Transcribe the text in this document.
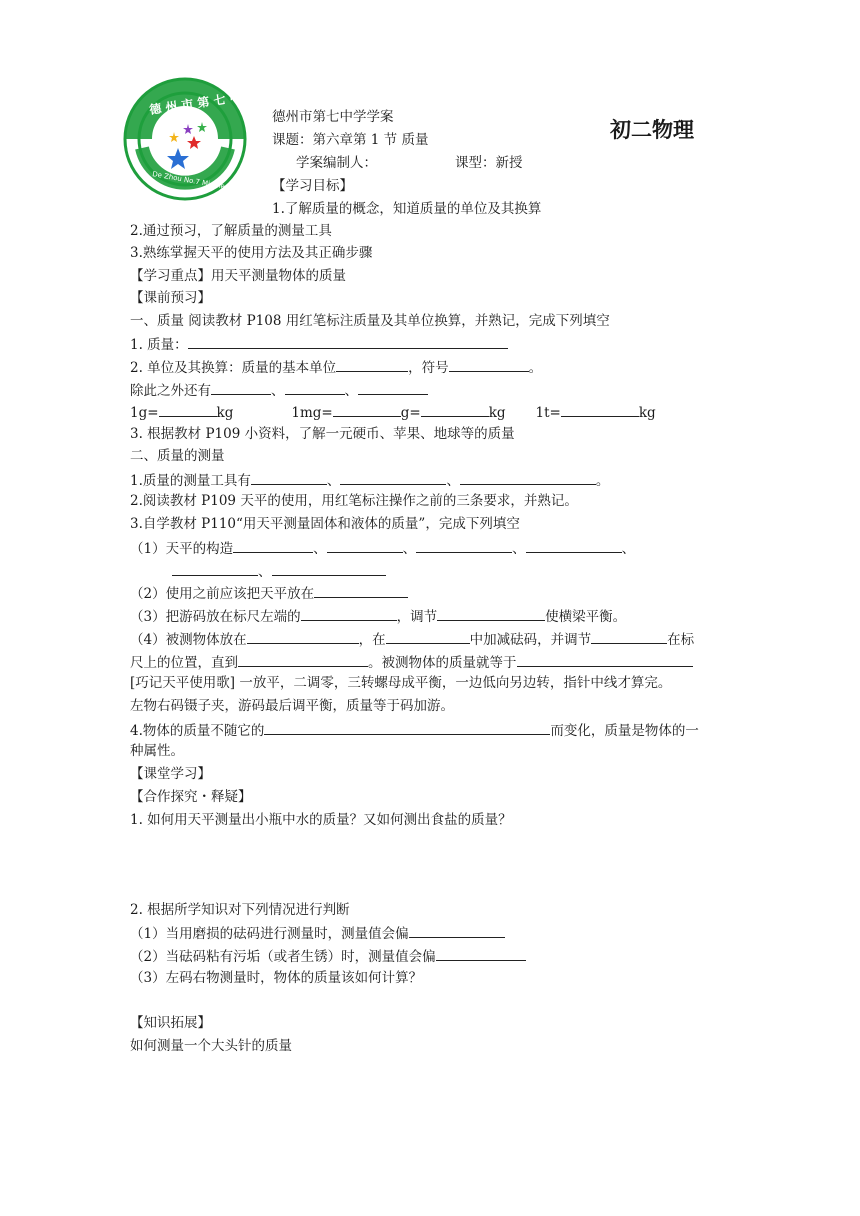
德 州 市 第 七 中 学
De Zhou No.7 Middle School
德州市第七中学学案
课题：第六章第 1 节 质量
学案编制人：	课型：新授
初二物理
【学习目标】
1.了解质量的概念，知道质量的单位及其换算
2.通过预习，了解质量的测量工具
3.熟练掌握天平的使用方法及其正确步骤
【学习重点】用天平测量物体的质量
【课前预习】
一、质量 阅读教材 P108 用红笔标注质量及其单位换算，并熟记，完成下列填空
1. 质量：
2. 单位及其换算：质量的基本单位	，符号	。
除此之外还有	、	、
1g=	kg	1mg=	g=	kg 1t=	kg
3. 根据教材 P109 小资料，了解一元硬币、苹果、地球等的质量
二、质量的测量
1.质量的测量工具有	、	、	。
2.阅读教材 P109 天平的使用，用红笔标注操作之前的三条要求，并熟记。
3.自学教材 P110“用天平测量固体和液体的质量”，完成下列填空
（1）天平的构造	、	、	、	、
、
（2）使用之前应该把天平放在
（3）把游码放在标尺左端的	，调节	使横梁平衡。
（4）被测物体放在	，在	中加减砝码，并调节	在标
尺上的位置，直到	。被测物体的质量就等于
[巧记天平使用歌] 一放平，二调零，三转螺母成平衡，一边低向另边转，指针中线才算完。
左物右码镊子夹，游码最后调平衡，质量等于码加游。
4.物体的质量不随它的	而变化，质量是物体的一
种属性。
【课堂学习】
【合作探究・释疑】
1. 如何用天平测量出小瓶中水的质量？又如何测出食盐的质量？
2. 根据所学知识对下列情况进行判断
（1）当用磨损的砝码进行测量时，测量值会偏
（2）当砝码粘有污垢（或者生锈）时，测量值会偏
（3）左码右物测量时，物体的质量该如何计算？
【知识拓展】
如何测量一个大头针的质量
